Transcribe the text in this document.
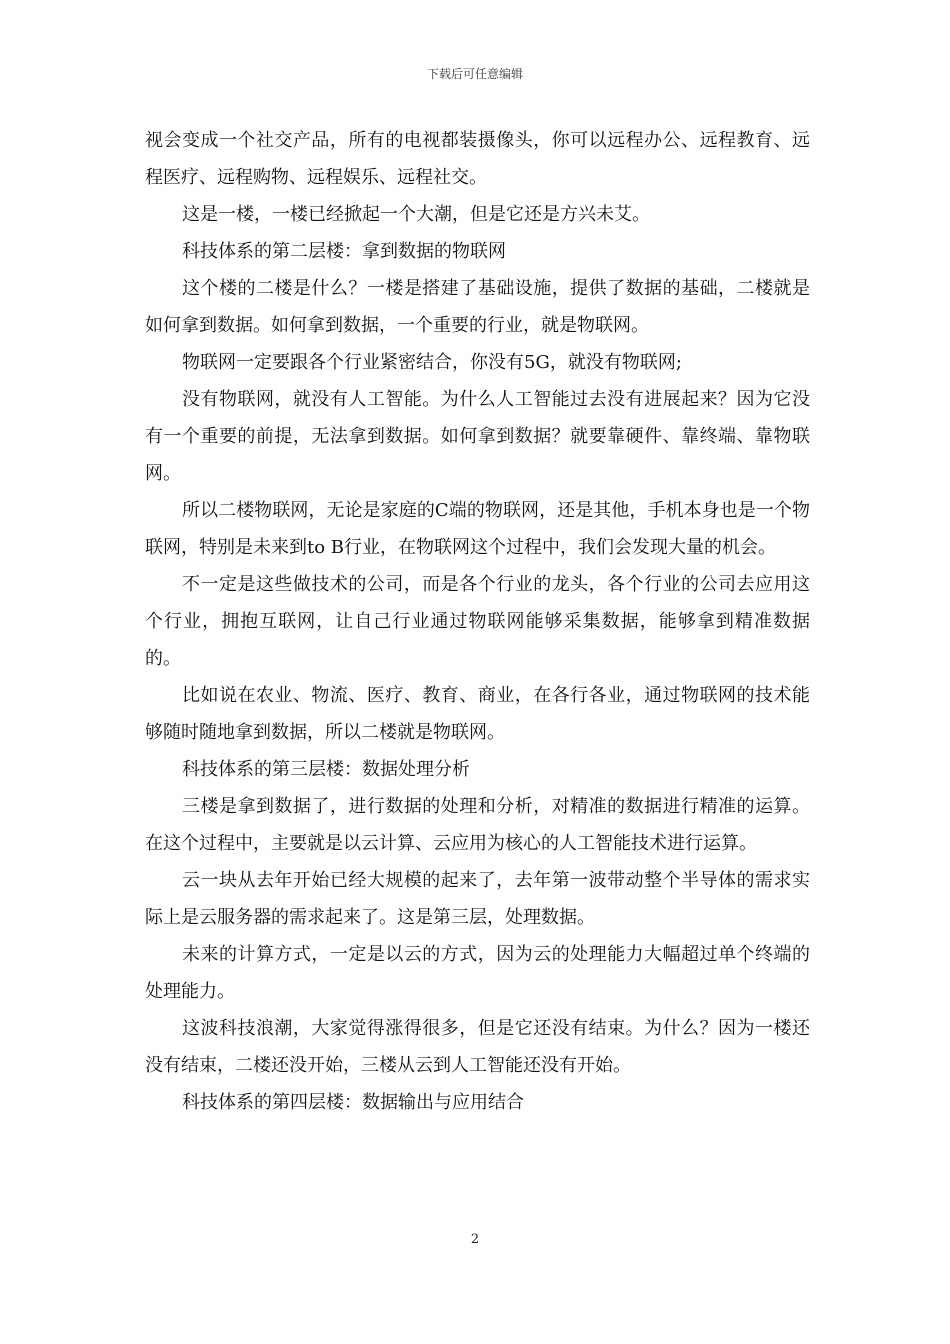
下载后可任意编辑

视会变成一个社交产品，所有的电视都装摄像头，你可以远程办公、远程教育、远程医疗、远程购物、远程娱乐、远程社交。

这是一楼，一楼已经掀起一个大潮，但是它还是方兴未艾。

科技体系的第二层楼：拿到数据的物联网

这个楼的二楼是什么？一楼是搭建了基础设施，提供了数据的基础，二楼就是如何拿到数据。如何拿到数据，一个重要的行业，就是物联网。

物联网一定要跟各个行业紧密结合，你没有5G，就没有物联网;

没有物联网，就没有人工智能。为什么人工智能过去没有进展起来？因为它没有一个重要的前提，无法拿到数据。如何拿到数据？就要靠硬件、靠终端、靠物联网。

所以二楼物联网，无论是家庭的C端的物联网，还是其他，手机本身也是一个物联网，特别是未来到to B行业，在物联网这个过程中，我们会发现大量的机会。

不一定是这些做技术的公司，而是各个行业的龙头，各个行业的公司去应用这个行业，拥抱互联网，让自己行业通过物联网能够采集数据，能够拿到精准数据的。

比如说在农业、物流、医疗、教育、商业，在各行各业，通过物联网的技术能够随时随地拿到数据，所以二楼就是物联网。

科技体系的第三层楼：数据处理分析

三楼是拿到数据了，进行数据的处理和分析，对精准的数据进行精准的运算。在这个过程中，主要就是以云计算、云应用为核心的人工智能技术进行运算。

云一块从去年开始已经大规模的起来了，去年第一波带动整个半导体的需求实际上是云服务器的需求起来了。这是第三层，处理数据。

未来的计算方式，一定是以云的方式，因为云的处理能力大幅超过单个终端的处理能力。

这波科技浪潮，大家觉得涨得很多，但是它还没有结束。为什么？因为一楼还没有结束，二楼还没开始，三楼从云到人工智能还没有开始。

科技体系的第四层楼：数据输出与应用结合

2
